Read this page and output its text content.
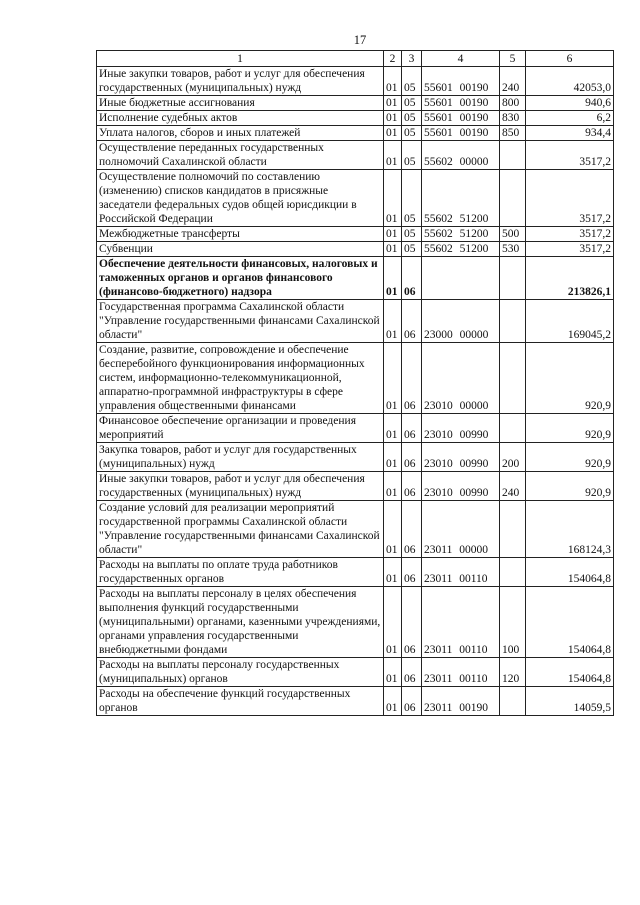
17
1	2	3	4	5	6
Иные закупки товаров, работ и услуг для обеспечения государственных (муниципальных) нужд	01	05	55601 00190	240	42053,0
Иные бюджетные ассигнования	01	05	55601 00190	800	940,6
Исполнение судебных актов	01	05	55601 00190	830	6,2
Уплата налогов, сборов и иных платежей	01	05	55601 00190	850	934,4
Осуществление переданных государственных полномочий Сахалинской области	01	05	55602 00000		3517,2
Осуществление полномочий по составлению (изменению) списков кандидатов в присяжные заседатели федеральных судов общей юрисдикции в Российской Федерации	01	05	55602 51200		3517,2
Межбюджетные трансферты	01	05	55602 51200	500	3517,2
Субвенции	01	05	55602 51200	530	3517,2
Обеспечение деятельности финансовых, налоговых и таможенных органов и органов финансового (финансово-бюджетного) надзора	01	06			213826,1
Государственная программа Сахалинской области "Управление государственными финансами Сахалинской области"	01	06	23000 00000		169045,2
Создание, развитие, сопровождение и обеспечение бесперебойного функционирования информационных систем, информационно-телекоммуникационной, аппаратно-программной инфраструктуры в сфере управления общественными финансами	01	06	23010 00000		920,9
Финансовое обеспечение организации и проведения мероприятий	01	06	23010 00990		920,9
Закупка товаров, работ и услуг для государственных (муниципальных) нужд	01	06	23010 00990	200	920,9
Иные закупки товаров, работ и услуг для обеспечения государственных (муниципальных) нужд	01	06	23010 00990	240	920,9
Создание условий для реализации мероприятий государственной программы Сахалинской области "Управление государственными финансами Сахалинской области"	01	06	23011 00000		168124,3
Расходы на выплаты по оплате труда работников государственных органов	01	06	23011 00110		154064,8
Расходы на выплаты персоналу в целях обеспечения выполнения функций государственными (муниципальными) органами, казенными учреждениями, органами управления государственными внебюджетными фондами	01	06	23011 00110	100	154064,8
Расходы на выплаты персоналу государственных (муниципальных) органов	01	06	23011 00110	120	154064,8
Расходы на обеспечение функций государственных органов	01	06	23011 00190		14059,5
